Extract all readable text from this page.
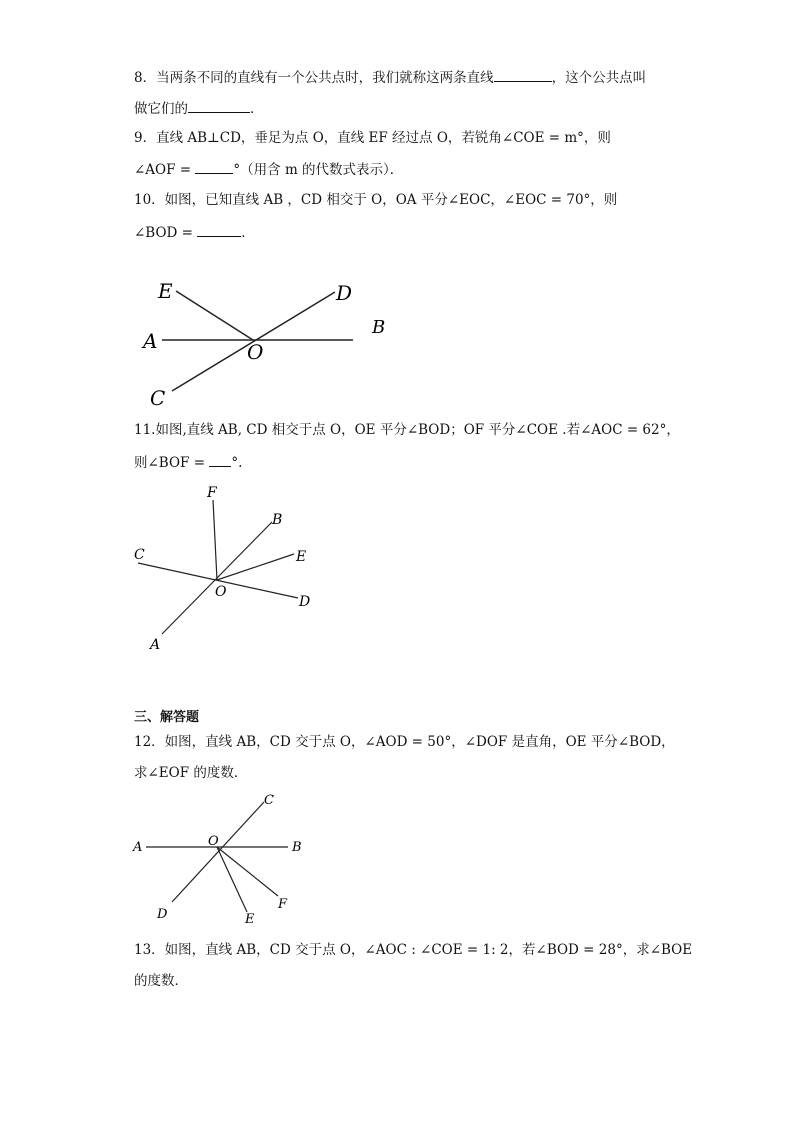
8．当两条不同的直线有一个公共点时，我们就称这两条直线	，这个公共点叫
做它们的	．
9．直线 AB⊥CD，垂足为点 O，直线 EF 经过点 O，若锐角∠COE = m°，则
∠AOF =	°（用含 m 的代数式表示）．
10．如图，已知直线 AB ，CD 相交于 O，OA 平分∠EOC，∠EOC = 70°，则
∠BOD =	．
E	D
B
A	O
C
11.如图,直线 AB, CD 相交于点 O，OE 平分∠BOD；OF 平分∠COE .若∠AOC = 62°，
则∠BOF = °.
F
B
C	E
O
D
A
三、解答题
12．如图，直线 AB，CD 交于点 O，∠AOD = 50°，∠DOF 是直角，OE 平分∠BOD，
求∠EOF 的度数．
C
A	O	B
F
D	E
13．如图，直线 AB，CD 交于点 O，∠AOC : ∠COE = 1: 2，若∠BOD = 28°，求∠BOE
的度数．
